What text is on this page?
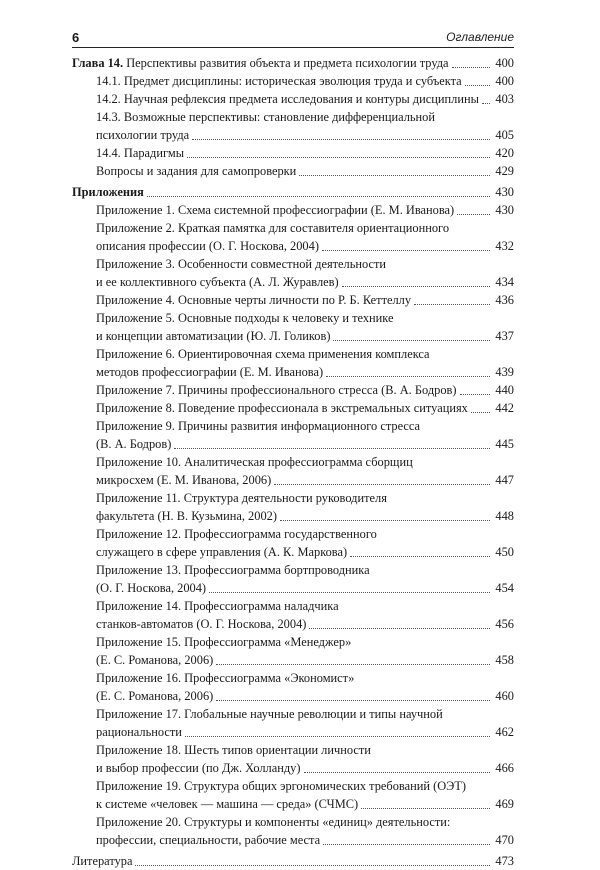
6	Оглавление
Глава 14. Перспективы развития объекта и предмета психологии труда	400
14.1. Предмет дисциплины: историческая эволюция труда и субъекта	400
14.2. Научная рефлексия предмета исследования и контуры дисциплины	403
14.3. Возможные перспективы: становление дифференциальной
психологии труда	405
14.4. Парадигмы	420
Вопросы и задания для самопроверки	429
Приложения	430
Приложение 1. Схема системной профессиографии (Е. М. Иванова)	430
Приложение 2. Краткая памятка для составителя ориентационного
описания профессии (О. Г. Носкова, 2004)	432
Приложение 3. Особенности совместной деятельности
и ее коллективного субъекта (А. Л. Журавлев)	434
Приложение 4. Основные черты личности по Р. Б. Кеттеллу	436
Приложение 5. Основные подходы к человеку и технике
и концепции автоматизации (Ю. Л. Голиков)	437
Приложение 6. Ориентировочная схема применения комплекса
методов профессиографии (Е. М. Иванова)	439
Приложение 7. Причины профессионального стресса (В. А. Бодров)	440
Приложение 8. Поведение профессионала в экстремальных ситуациях	442
Приложение 9. Причины развития информационного стресса
(В. А. Бодров)	445
Приложение 10. Аналитическая профессиограмма сборщиц
микросхем (Е. М. Иванова, 2006)	447
Приложение 11. Структура деятельности руководителя
факультета (Н. В. Кузьмина, 2002)	448
Приложение 12. Профессиограмма государственного
служащего в сфере управления (А. К. Маркова)	450
Приложение 13. Профессиограмма бортпроводника
(О. Г. Носкова, 2004)	454
Приложение 14. Профессиограмма наладчика
станков-автоматов (О. Г. Носкова, 2004)	456
Приложение 15. Профессиограмма «Менеджер»
(Е. С. Романова, 2006)	458
Приложение 16. Профессиограмма «Экономист»
(Е. С. Романова, 2006)	460
Приложение 17. Глобальные научные революции и типы научной
рациональности	462
Приложение 18. Шесть типов ориентации личности
и выбор профессии (по Дж. Холланду)	466
Приложение 19. Структура общих эргономических требований (ОЭТ)
к системе «человек — машина — среда» (СЧМС)	469
Приложение 20. Структуры и компоненты «единиц» деятельности:
профессии, специальности, рабочие места	470
Литература	473
